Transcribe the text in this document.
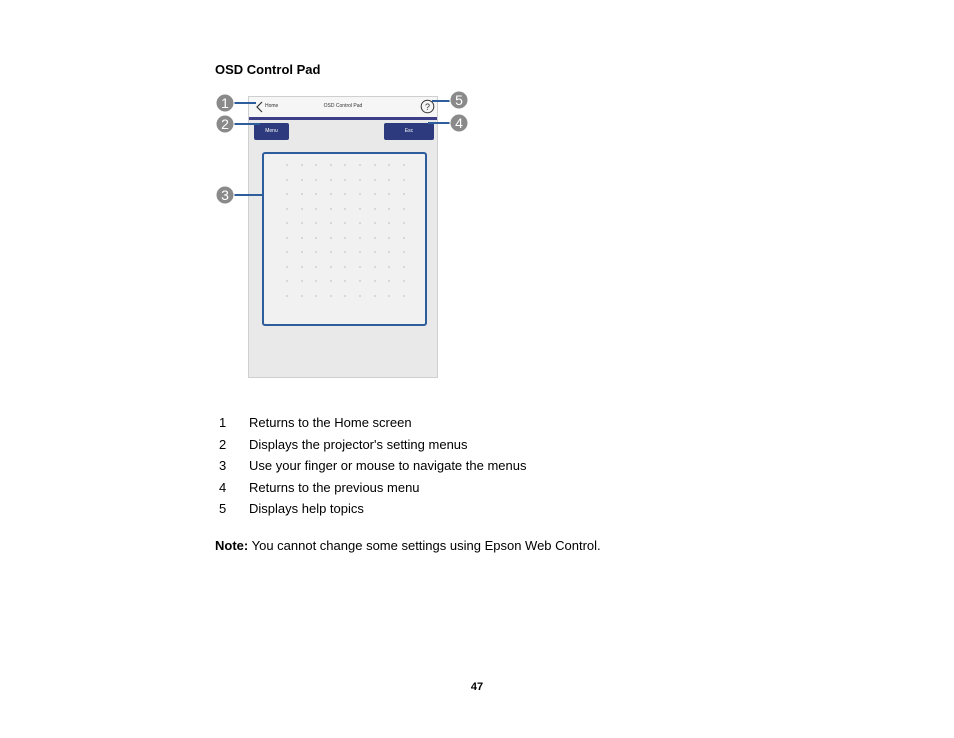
OSD Control Pad
Home	OSD Control Pad	?
Menu	Esc
1
2
3
4
5
1 Returns to the Home screen
2 Displays the projector's setting menus
3 Use your finger or mouse to navigate the menus
4 Returns to the previous menu
5 Displays help topics
Note: You cannot change some settings using Epson Web Control.
47
